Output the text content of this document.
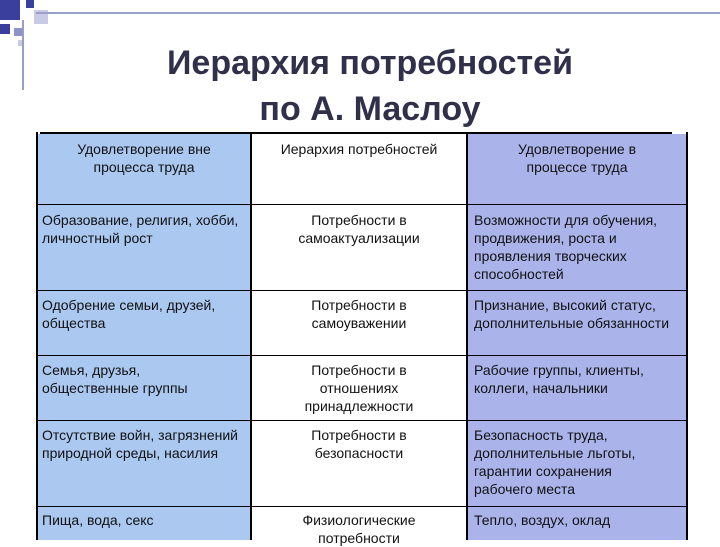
Иерархия потребностей
по А. Маслоу
Удовлетворение вне процесса труда
Иерархия потребностей	Удовлетворение в процессе труда
Образование, религия, хобби, личностный рост
Потребности в самоактуализации
Возможности для обучения, продвижения, роста и проявления творческих способностей
Одобрение семьи, друзей, общества
Потребности в самоуважении
Признание, высокий статус, дополнительные обязанности
Семья, друзья, общественные группы
Потребности в отношениях принадлежности
Рабочие группы, клиенты, коллеги, начальники
Отсутствие войн, загрязнений природной среды, насилия
Потребности в безопасности
Безопасность труда, дополнительные льготы, гарантии сохранения рабочего места
Пища, вода, секс	Физиологические потребности
Тепло, воздух, оклад
